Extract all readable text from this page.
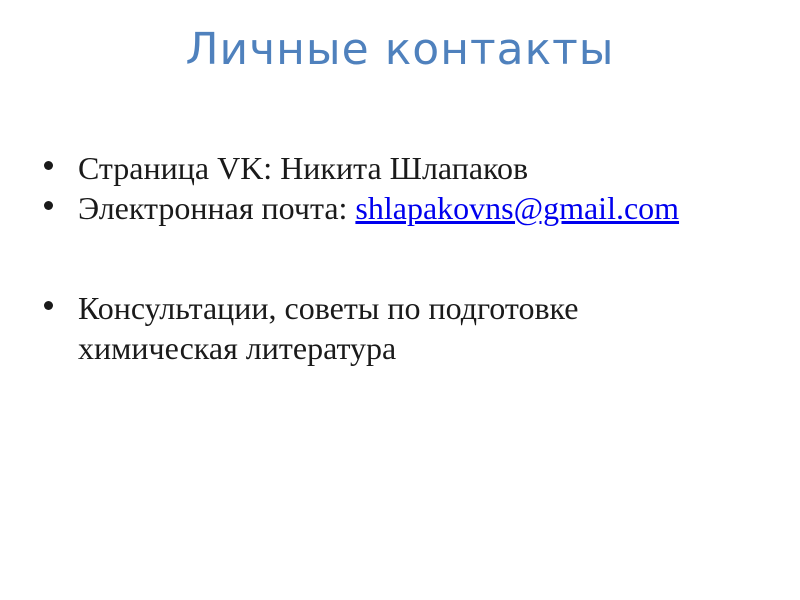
Личные контакты
Страница VK: Никита Шлапаков
Электронная почта: shlapakovns@gmail.com
Консультации, советы по подготовке
химическая литература
